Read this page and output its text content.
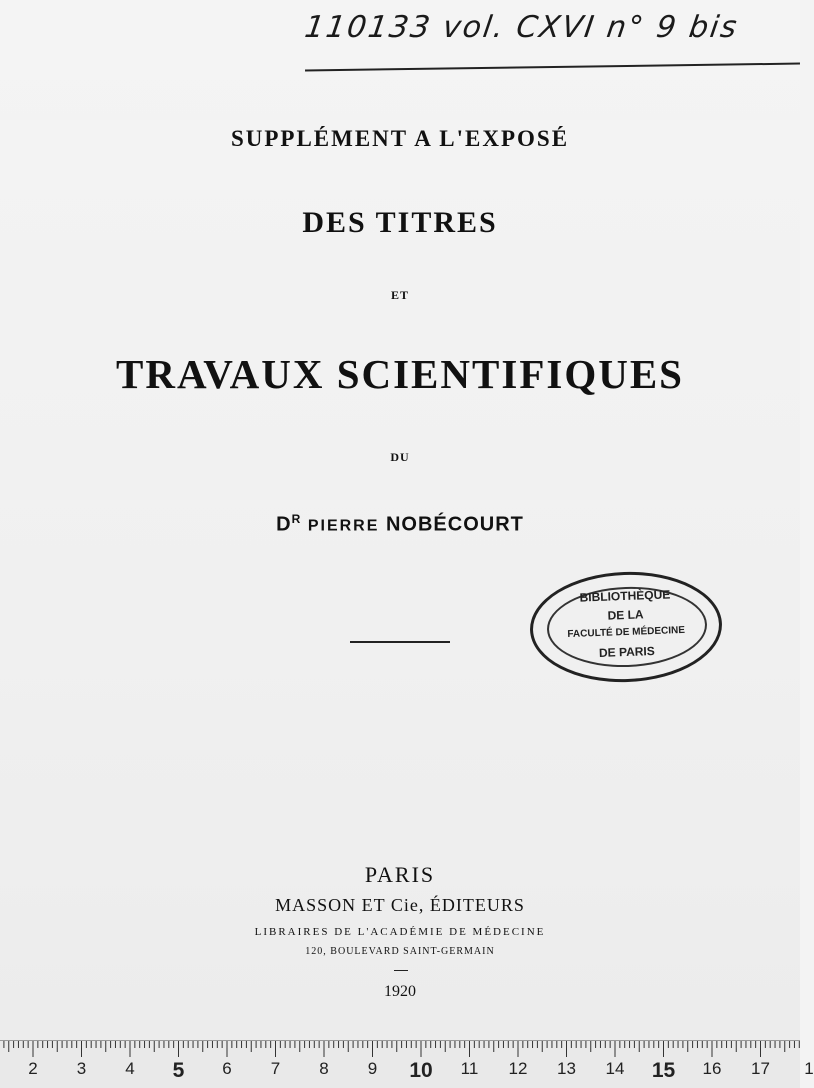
110133 vol. CXVI n° 9 bis
SUPPLÉMENT A L'EXPOSÉ
DES TITRES
ET
TRAVAUX SCIENTIFIQUES
DU
$D^R$ PIERRE NOBÉCOURT
BIBLIOTHÈQUE
DE LA
FACULTÉ DE MÉDECINE
DE PARIS
PARIS
MASSON ET Cie, ÉDITEURS
LIBRAIRES DE L'ACADÉMIE DE MÉDECINE
120, BOULEVARD SAINT-GERMAIN
1920
2 3 4 5 6 7 8 9 10 11 12 13 14 15 16 17 1
